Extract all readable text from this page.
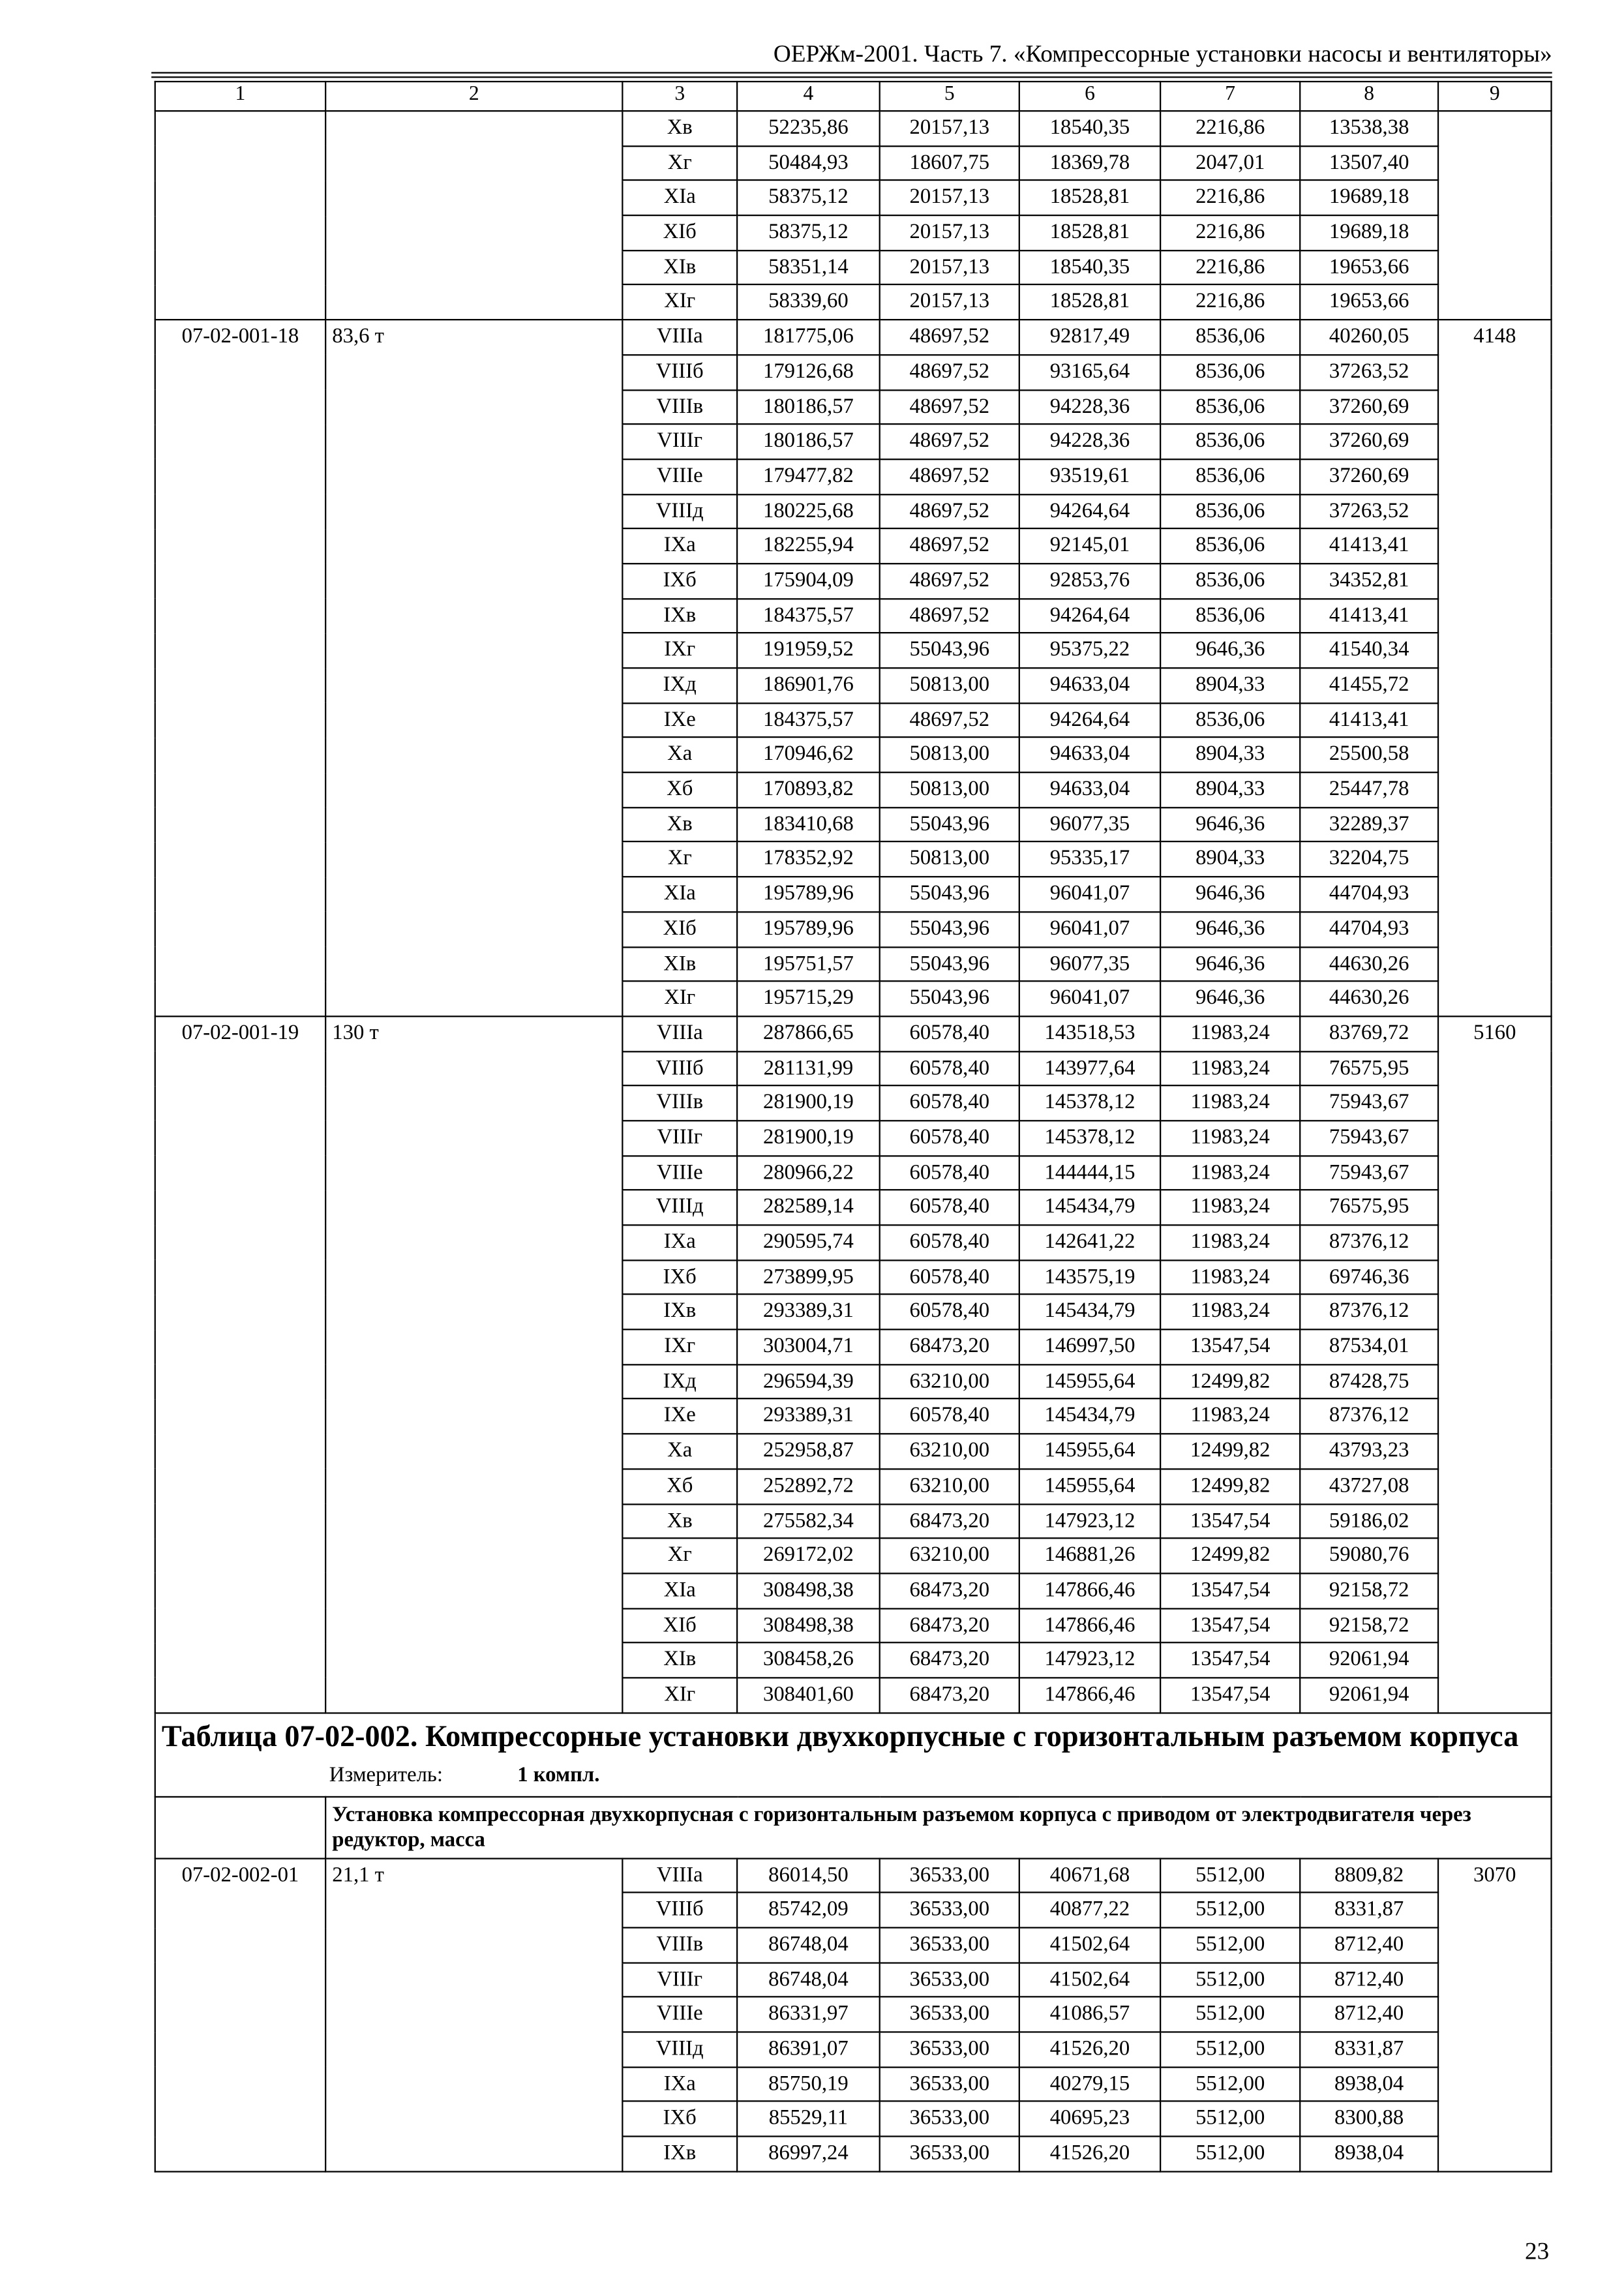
ОЕРЖм-2001. Часть 7. «Компрессорные установки насосы и вентиляторы»
1	2	3	4	5	6	7	8	9
		Xв	52235,86	20157,13	18540,35	2216,86	13538,38	
		Xг	50484,93	18607,75	18369,78	2047,01	13507,40	
		XIа	58375,12	20157,13	18528,81	2216,86	19689,18	
		XIб	58375,12	20157,13	18528,81	2216,86	19689,18	
		XIв	58351,14	20157,13	18540,35	2216,86	19653,66	
		XIг	58339,60	20157,13	18528,81	2216,86	19653,66	
07-02-001-18	83,6 т	VIIIа	181775,06	48697,52	92817,49	8536,06	40260,05	4148
		VIIIб	179126,68	48697,52	93165,64	8536,06	37263,52	
		VIIIв	180186,57	48697,52	94228,36	8536,06	37260,69	
		VIIIг	180186,57	48697,52	94228,36	8536,06	37260,69	
		VIIIе	179477,82	48697,52	93519,61	8536,06	37260,69	
		VIIIд	180225,68	48697,52	94264,64	8536,06	37263,52	
		IXа	182255,94	48697,52	92145,01	8536,06	41413,41	
		IXб	175904,09	48697,52	92853,76	8536,06	34352,81	
		IXв	184375,57	48697,52	94264,64	8536,06	41413,41	
		IXг	191959,52	55043,96	95375,22	9646,36	41540,34	
		IXд	186901,76	50813,00	94633,04	8904,33	41455,72	
		IXе	184375,57	48697,52	94264,64	8536,06	41413,41	
		Xа	170946,62	50813,00	94633,04	8904,33	25500,58	
		Xб	170893,82	50813,00	94633,04	8904,33	25447,78	
		Xв	183410,68	55043,96	96077,35	9646,36	32289,37	
		Xг	178352,92	50813,00	95335,17	8904,33	32204,75	
		XIа	195789,96	55043,96	96041,07	9646,36	44704,93	
		XIб	195789,96	55043,96	96041,07	9646,36	44704,93	
		XIв	195751,57	55043,96	96077,35	9646,36	44630,26	
		XIг	195715,29	55043,96	96041,07	9646,36	44630,26	
07-02-001-19	130 т	VIIIа	287866,65	60578,40	143518,53	11983,24	83769,72	5160
		VIIIб	281131,99	60578,40	143977,64	11983,24	76575,95	
		VIIIв	281900,19	60578,40	145378,12	11983,24	75943,67	
		VIIIг	281900,19	60578,40	145378,12	11983,24	75943,67	
		VIIIе	280966,22	60578,40	144444,15	11983,24	75943,67	
		VIIIд	282589,14	60578,40	145434,79	11983,24	76575,95	
		IXа	290595,74	60578,40	142641,22	11983,24	87376,12	
		IXб	273899,95	60578,40	143575,19	11983,24	69746,36	
		IXв	293389,31	60578,40	145434,79	11983,24	87376,12	
		IXг	303004,71	68473,20	146997,50	13547,54	87534,01	
		IXд	296594,39	63210,00	145955,64	12499,82	87428,75	
		IXе	293389,31	60578,40	145434,79	11983,24	87376,12	
		Xа	252958,87	63210,00	145955,64	12499,82	43793,23	
		Xб	252892,72	63210,00	145955,64	12499,82	43727,08	
		Xв	275582,34	68473,20	147923,12	13547,54	59186,02	
		Xг	269172,02	63210,00	146881,26	12499,82	59080,76	
		XIа	308498,38	68473,20	147866,46	13547,54	92158,72	
		XIб	308498,38	68473,20	147866,46	13547,54	92158,72	
		XIв	308458,26	68473,20	147923,12	13547,54	92061,94	
		XIг	308401,60	68473,20	147866,46	13547,54	92061,94	

Таблица 07-02-002. Компрессорные установки двухкорпусные с горизонтальным разъемом корпуса
Измеритель: 1 компл.								

	Установка компрессорная двухкорпусная с горизонтальным разъемом корпуса с приводом от электродвигателя через редуктор, масса							
07-02-002-01	21,1 т	VIIIа	86014,50	36533,00	40671,68	5512,00	8809,82	3070
		VIIIб	85742,09	36533,00	40877,22	5512,00	8331,87	
		VIIIв	86748,04	36533,00	41502,64	5512,00	8712,40	
		VIIIг	86748,04	36533,00	41502,64	5512,00	8712,40	
		VIIIе	86331,97	36533,00	41086,57	5512,00	8712,40	
		VIIIд	86391,07	36533,00	41526,20	5512,00	8331,87	
		IXа	85750,19	36533,00	40279,15	5512,00	8938,04	
		IXб	85529,11	36533,00	40695,23	5512,00	8300,88	
		IXв	86997,24	36533,00	41526,20	5512,00	8938,04	
23
